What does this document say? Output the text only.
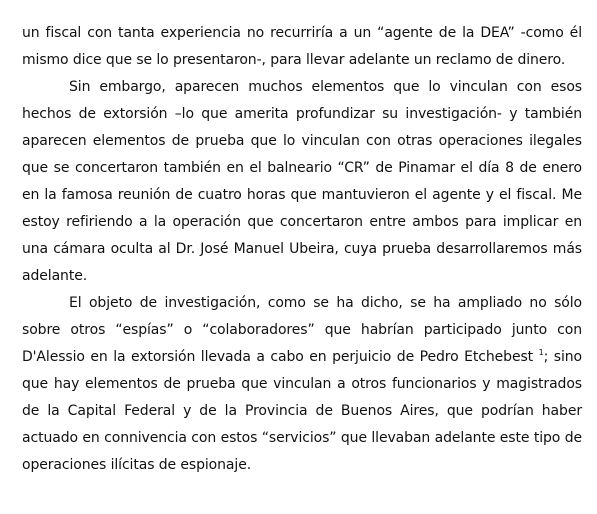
un fiscal con tanta experiencia no recurriría a un “agente de la DEA” -como él mismo dice que se lo presentaron-, para llevar adelante un reclamo de dinero.

Sin embargo, aparecen muchos elementos que lo vinculan con esos hechos de extorsión –lo que amerita profundizar su investigación- y también aparecen elementos de prueba que lo vinculan con otras operaciones ilegales que se concertaron también en el balneario “CR” de Pinamar el día 8 de enero en la famosa reunión de cuatro horas que mantuvieron el agente y el fiscal. Me estoy refiriendo a la operación que concertaron entre ambos para implicar en una cámara oculta al Dr. José Manuel Ubeira, cuya prueba desarrollaremos más adelante.

El objeto de investigación, como se ha dicho, se ha ampliado no sólo sobre otros “espías” o “colaboradores” que habrían participado junto con D'Alessio en la extorsión llevada a cabo en perjuicio de Pedro Etchebest $^1$; sino que hay elementos de prueba que vinculan a otros funcionarios y magistrados de la Capital Federal y de la Provincia de Buenos Aires, que podrían haber actuado en connivencia con estos “servicios” que llevaban adelante este tipo de operaciones ilícitas de espionaje.
